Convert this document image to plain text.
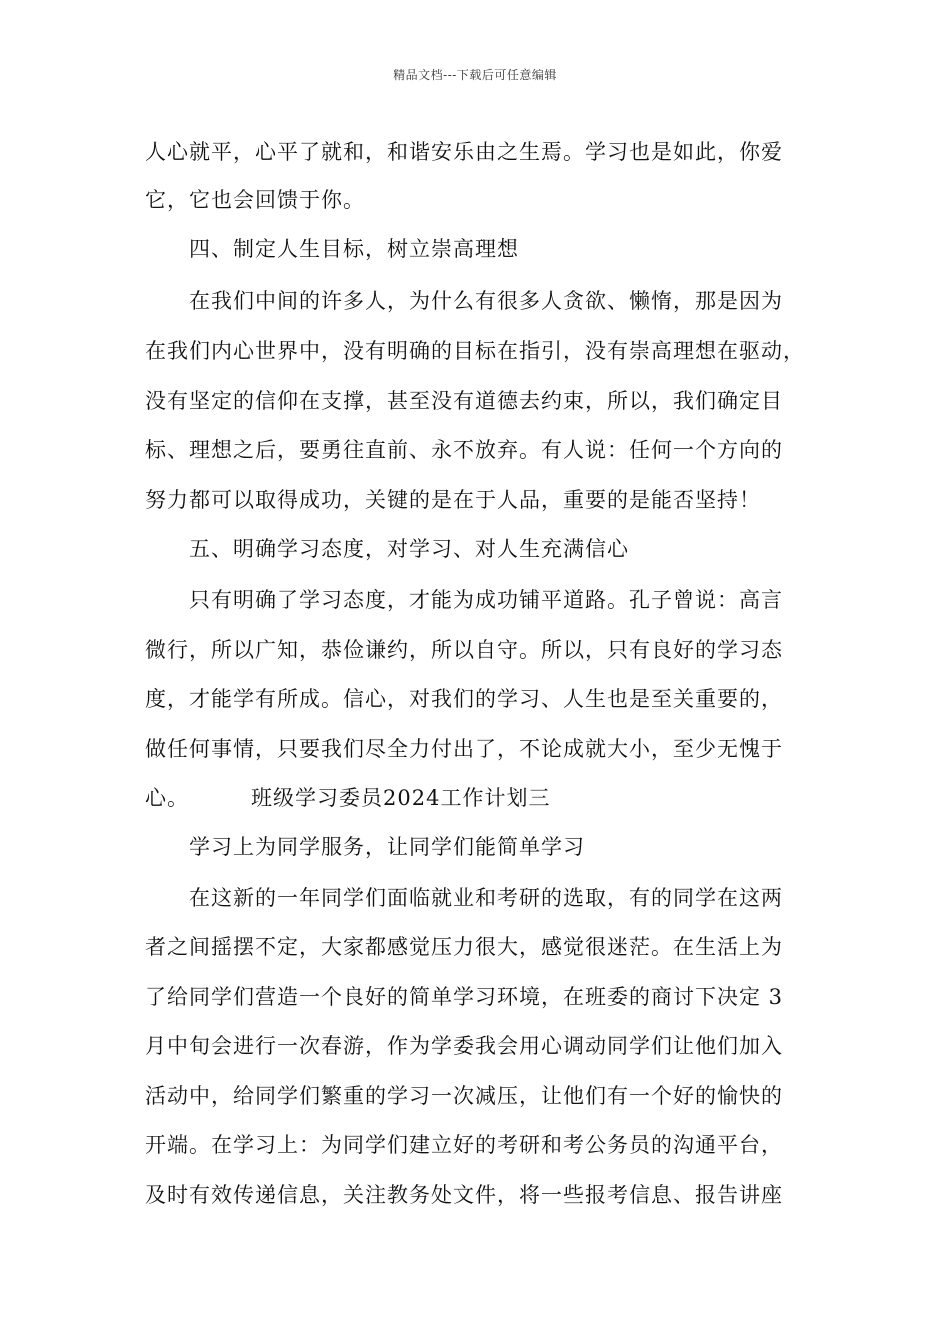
精品文档---下载后可任意编辑
人心就平，心平了就和，和谐安乐由之生焉。学习也是如此，你爱
它，它也会回馈于你。
四、制定人生目标，树立崇高理想
在我们中间的许多人，为什么有很多人贪欲、懒惰，那是因为
在我们内心世界中，没有明确的目标在指引，没有崇高理想在驱动，
没有坚定的信仰在支撑，甚至没有道德去约束，所以，我们确定目
标、理想之后，要勇往直前、永不放弃。有人说：任何一个方向的
努力都可以取得成功，关键的是在于人品，重要的是能否坚持！
五、明确学习态度，对学习、对人生充满信心
只有明确了学习态度，才能为成功铺平道路。孔子曾说：高言
微行，所以广知，恭俭谦约，所以自守。所以，只有良好的学习态
度，才能学有所成。信心，对我们的学习、人生也是至关重要的，
做任何事情，只要我们尽全力付出了，不论成就大小，至少无愧于
心。	班级学习委员2024工作计划三
学习上为同学服务，让同学们能简单学习
在这新的一年同学们面临就业和考研的选取，有的同学在这两
者之间摇摆不定，大家都感觉压力很大，感觉很迷茫。在生活上为
了给同学们营造一个良好的简单学习环境，在班委的商讨下决定 3
月中旬会进行一次春游，作为学委我会用心调动同学们让他们加入
活动中，给同学们繁重的学习一次减压，让他们有一个好的愉快的
开端。在学习上：为同学们建立好的考研和考公务员的沟通平台，
及时有效传递信息，关注教务处文件，将一些报考信息、报告讲座
